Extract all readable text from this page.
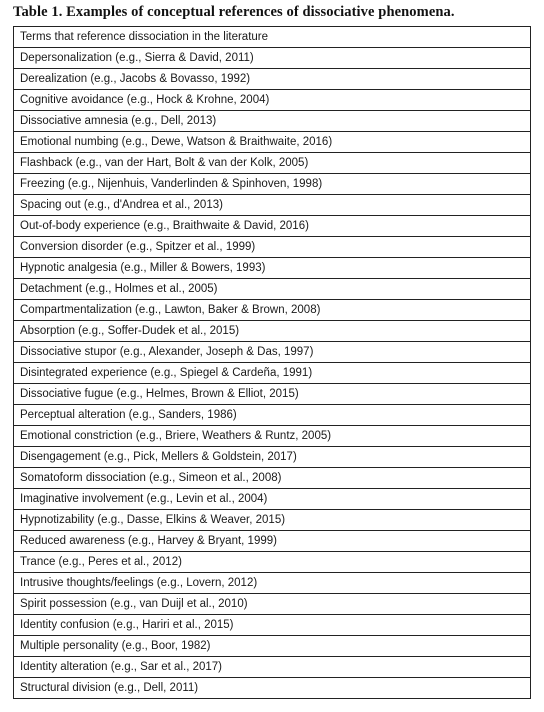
Table 1. Examples of conceptual references of dissociative phenomena.
Terms that reference dissociation in the literature
Depersonalization (e.g., Sierra & David, 2011)
Derealization (e.g., Jacobs & Bovasso, 1992)
Cognitive avoidance (e.g., Hock & Krohne, 2004)
Dissociative amnesia (e.g., Dell, 2013)
Emotional numbing (e.g., Dewe, Watson & Braithwaite, 2016)
Flashback (e.g., van der Hart, Bolt & van der Kolk, 2005)
Freezing (e.g., Nijenhuis, Vanderlinden & Spinhoven, 1998)
Spacing out (e.g., d'Andrea et al., 2013)
Out-of-body experience (e.g., Braithwaite & David, 2016)
Conversion disorder (e.g., Spitzer et al., 1999)
Hypnotic analgesia (e.g., Miller & Bowers, 1993)
Detachment (e.g., Holmes et al., 2005)
Compartmentalization (e.g., Lawton, Baker & Brown, 2008)
Absorption (e.g., Soffer-Dudek et al., 2015)
Dissociative stupor (e.g., Alexander, Joseph & Das, 1997)
Disintegrated experience (e.g., Spiegel & Cardeña, 1991)
Dissociative fugue (e.g., Helmes, Brown & Elliot, 2015)
Perceptual alteration (e.g., Sanders, 1986)
Emotional constriction (e.g., Briere, Weathers & Runtz, 2005)
Disengagement (e.g., Pick, Mellers & Goldstein, 2017)
Somatoform dissociation (e.g., Simeon et al., 2008)
Imaginative involvement (e.g., Levin et al., 2004)
Hypnotizability (e.g., Dasse, Elkins & Weaver, 2015)
Reduced awareness (e.g., Harvey & Bryant, 1999)
Trance (e.g., Peres et al., 2012)
Intrusive thoughts/feelings (e.g., Lovern, 2012)
Spirit possession (e.g., van Duijl et al., 2010)
Identity confusion (e.g., Hariri et al., 2015)
Multiple personality (e.g., Boor, 1982)
Identity alteration (e.g., Sar et al., 2017)
Structural division (e.g., Dell, 2011)
